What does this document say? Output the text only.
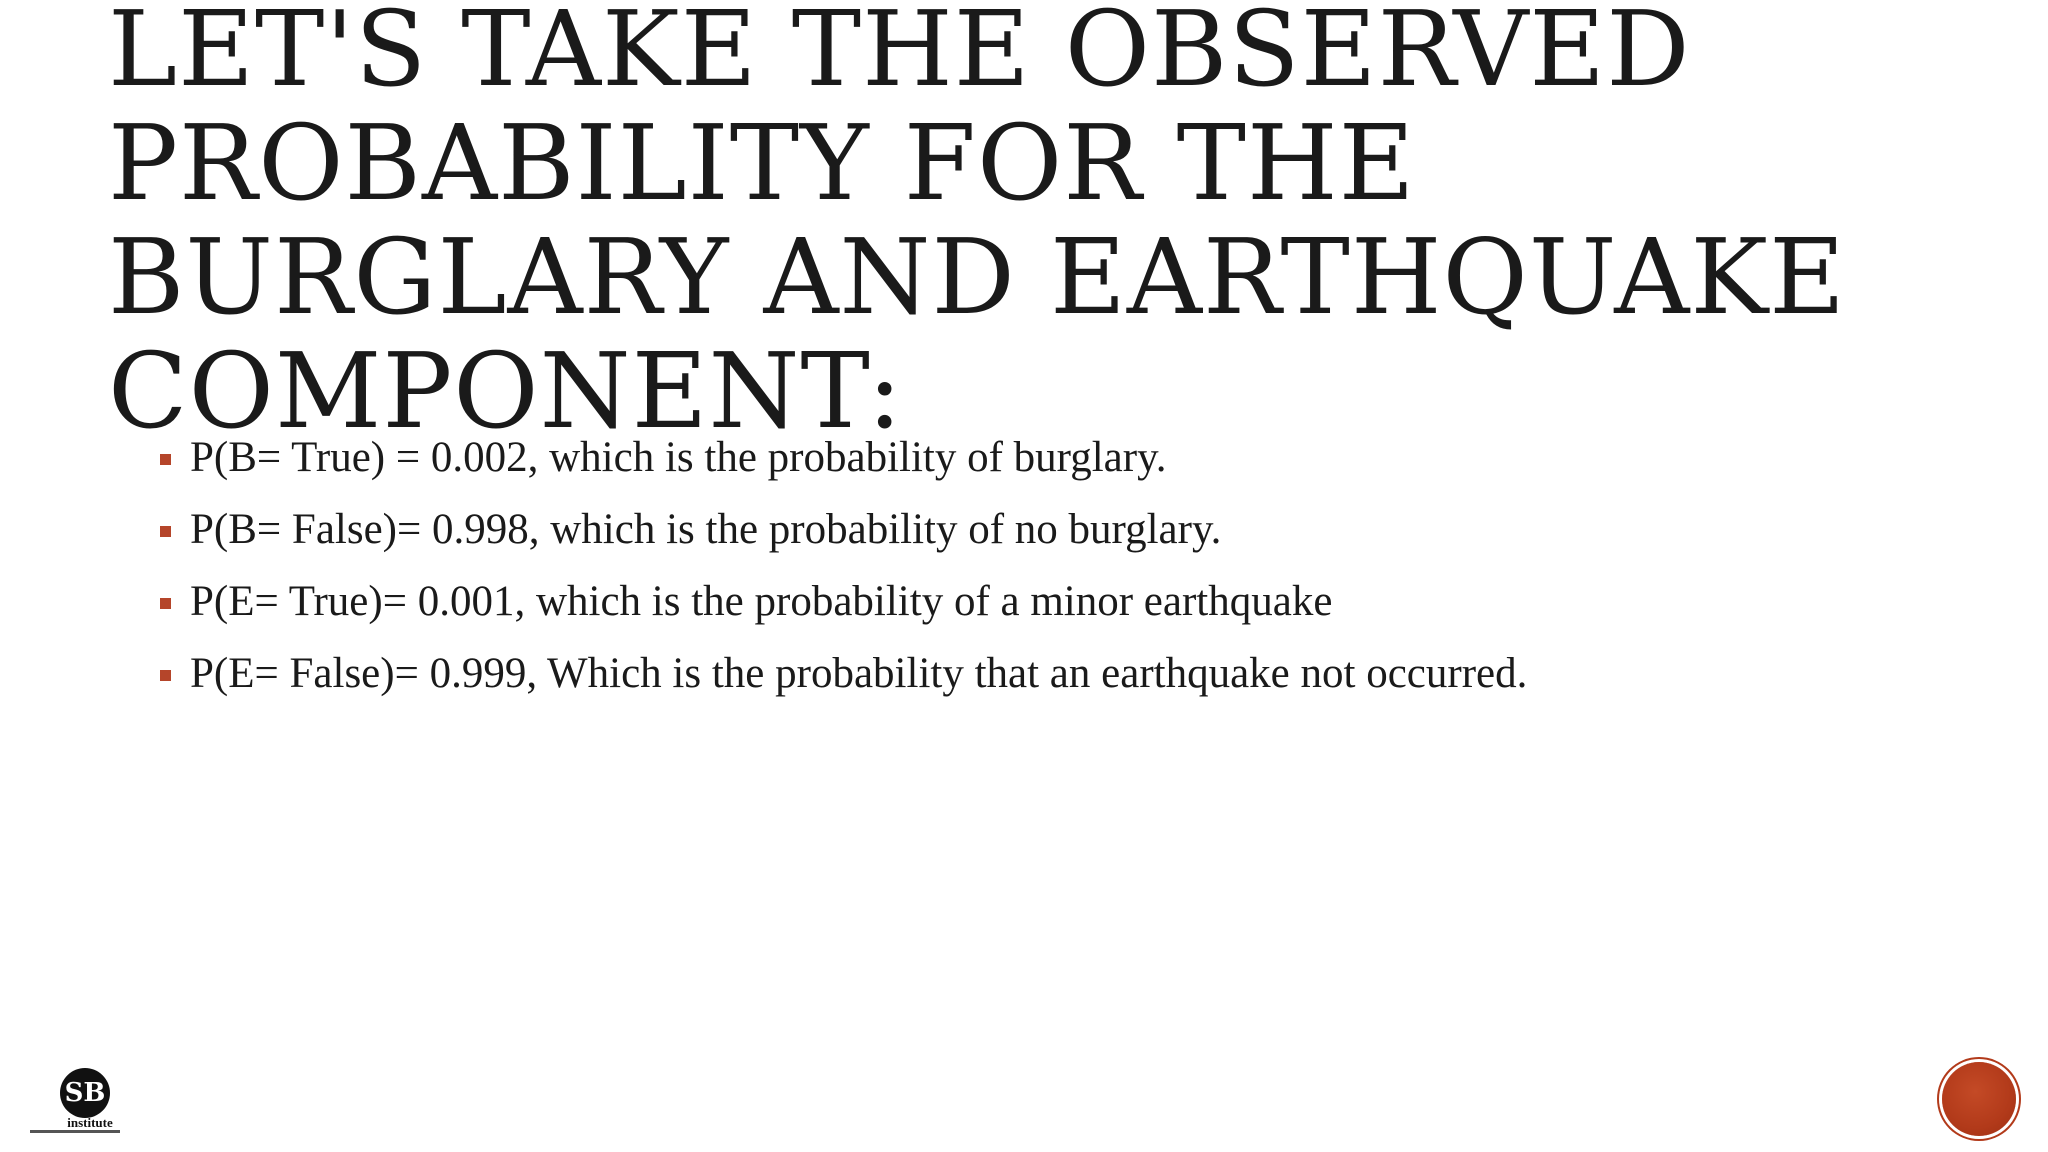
LET'S TAKE THE OBSERVED
PROBABILITY FOR THE
BURGLARY AND EARTHQUAKE
COMPONENT:
P(B= True) = 0.002, which is the probability of burglary.
P(B= False)= 0.998, which is the probability of no burglary.
P(E= True)= 0.001, which is the probability of a minor earthquake
P(E= False)= 0.999, Which is the probability that an earthquake not occurred.
SB
institute
